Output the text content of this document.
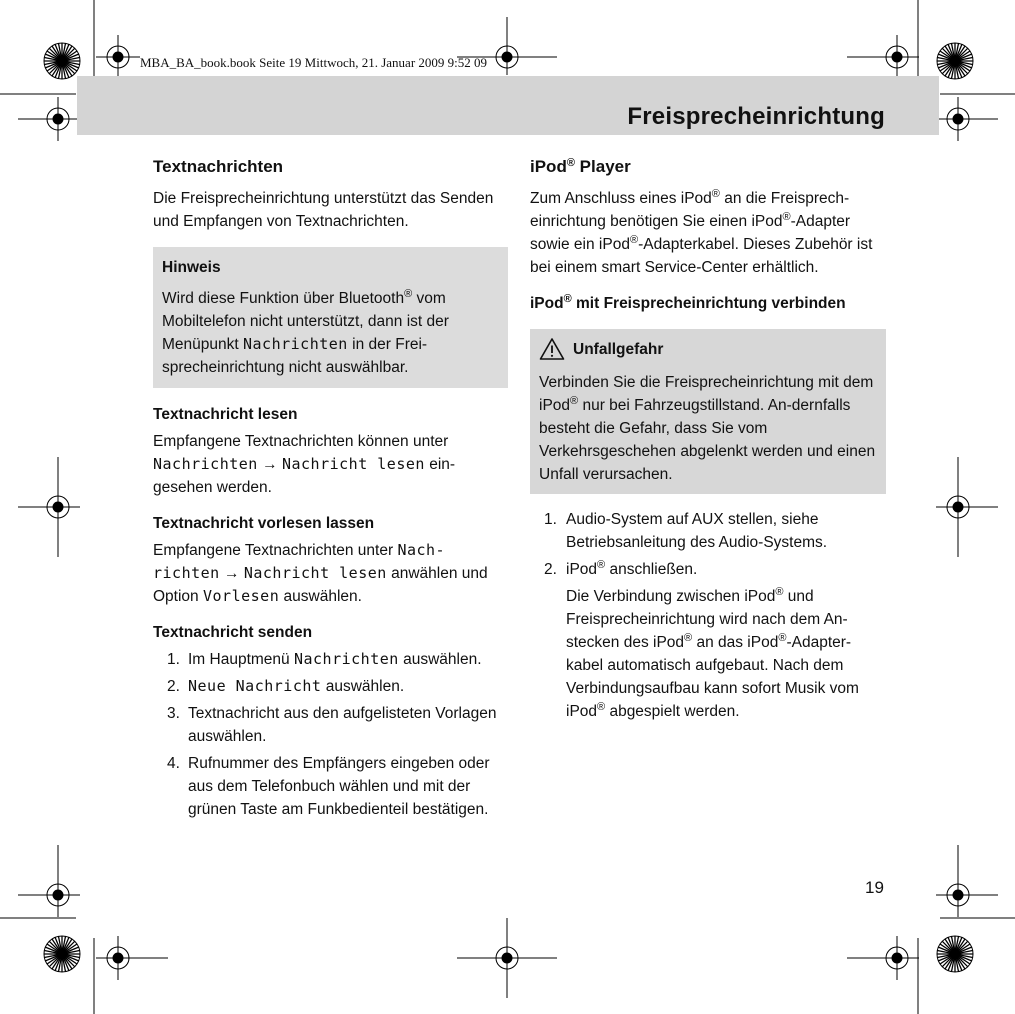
MBA_BA_book.book Seite 19 Mittwoch, 21. Januar 2009 9:52 09
Freisprecheinrichtung
Textnachrichten

Die Freisprecheinrichtung unterstützt das Senden und Empfangen von Textnachrichten.

Hinweis

Wird diese Funktion über Bluetooth® vom Mobiltelefon nicht unterstützt, dann ist der Menüpunkt Nachrichten in der Frei-sprecheinrichtung nicht auswählbar.

Textnachricht lesen

Empfangene Textnachrichten können unter Nachrichten → Nachricht lesen ein-gesehen werden.

Textnachricht vorlesen lassen

Empfangene Textnachrichten unter Nach-richten → Nachricht lesen anwählen und Option Vorlesen auswählen.

Textnachricht senden
1. Im Hauptmenü Nachrichten auswählen.
2. Neue Nachricht auswählen.
3. Textnachricht aus den aufgelisteten Vorlagen auswählen.
4. Rufnummer des Empfängers eingeben oder aus dem Telefonbuch wählen und mit der grünen Taste am Funkbedienteil bestätigen.
iPod® Player

Zum Anschluss eines iPod® an die Freisprech-einrichtung benötigen Sie einen iPod®-Adapter sowie ein iPod®-Adapterkabel. Dieses Zubehör ist bei einem smart Service-Center erhältlich.

iPod® mit Freisprecheinrichtung verbinden
Unfallgefahr

Verbinden Sie die Freisprecheinrichtung mit dem iPod® nur bei Fahrzeugstillstand. An-dernfalls besteht die Gefahr, dass Sie vom Verkehrsgeschehen abgelenkt werden und einen Unfall verursachen.

1. Audio-System auf AUX stellen, siehe Betriebsanleitung des Audio-Systems.
2. iPod® anschließen.

Die Verbindung zwischen iPod® und Freisprecheinrichtung wird nach dem An-stecken des iPod® an das iPod®-Adapter-kabel automatisch aufgebaut. Nach dem Verbindungsaufbau kann sofort Musik vom iPod® abgespielt werden.

19
